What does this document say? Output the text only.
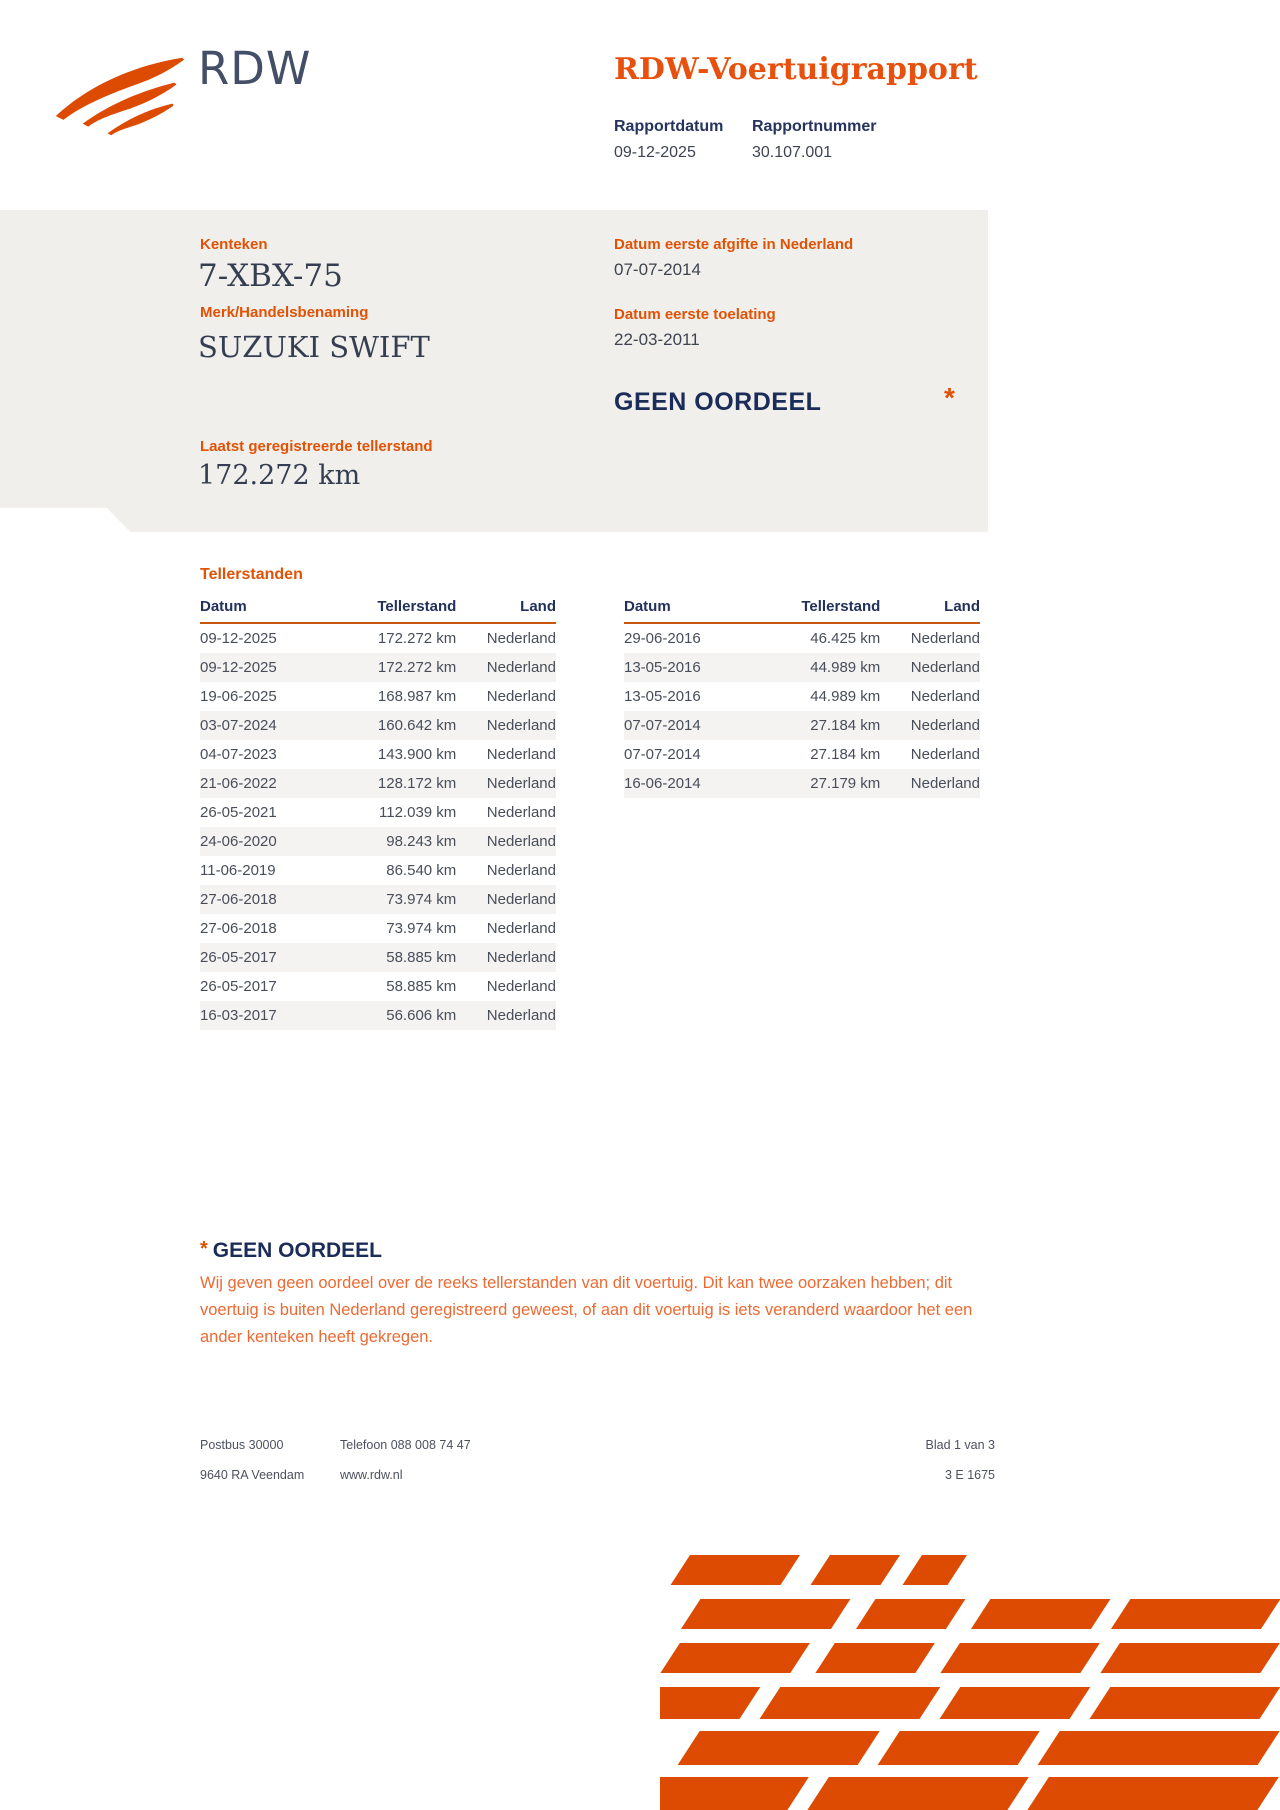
RDW	RDW-Voertuigrapport
Rapportdatum
09-12-2025
Rapportnummer
30.107.001
Kenteken
7-XBX-75
Merk/Handelsbenaming
SUZUKI SWIFT
Laatst geregistreerde tellerstand
172.272 km
Datum eerste afgifte in Nederland
07-07-2014
Datum eerste toelating
22-03-2011
GEEN OORDEEL	*
Tellerstanden
Datum	Tellerstand	Land
09-12-2025	172.272 km	Nederland
09-12-2025	172.272 km	Nederland
19-06-2025	168.987 km	Nederland
03-07-2024	160.642 km	Nederland
04-07-2023	143.900 km	Nederland
21-06-2022	128.172 km	Nederland
26-05-2021	112.039 km	Nederland
24-06-2020	98.243 km	Nederland
11-06-2019	86.540 km	Nederland
27-06-2018	73.974 km	Nederland
27-06-2018	73.974 km	Nederland
26-05-2017	58.885 km	Nederland
26-05-2017	58.885 km	Nederland
16-03-2017	56.606 km	Nederland
Datum	Tellerstand	Land
29-06-2016	46.425 km	Nederland
13-05-2016	44.989 km	Nederland
13-05-2016	44.989 km	Nederland
07-07-2014	27.184 km	Nederland
07-07-2014	27.184 km	Nederland
16-06-2014	27.179 km	Nederland
* GEEN OORDEEL

Wij geven geen oordeel over de reeks tellerstanden van dit voertuig. Dit kan twee oorzaken hebben; dit voertuig is buiten Nederland geregistreerd geweest, of aan dit voertuig is iets veranderd waardoor het een ander kenteken heeft gekregen.

Postbus 30000
9640 RA Veendam
Telefoon 088 008 74 47
www.rdw.nl
Blad 1 van 3
3 E 1675
